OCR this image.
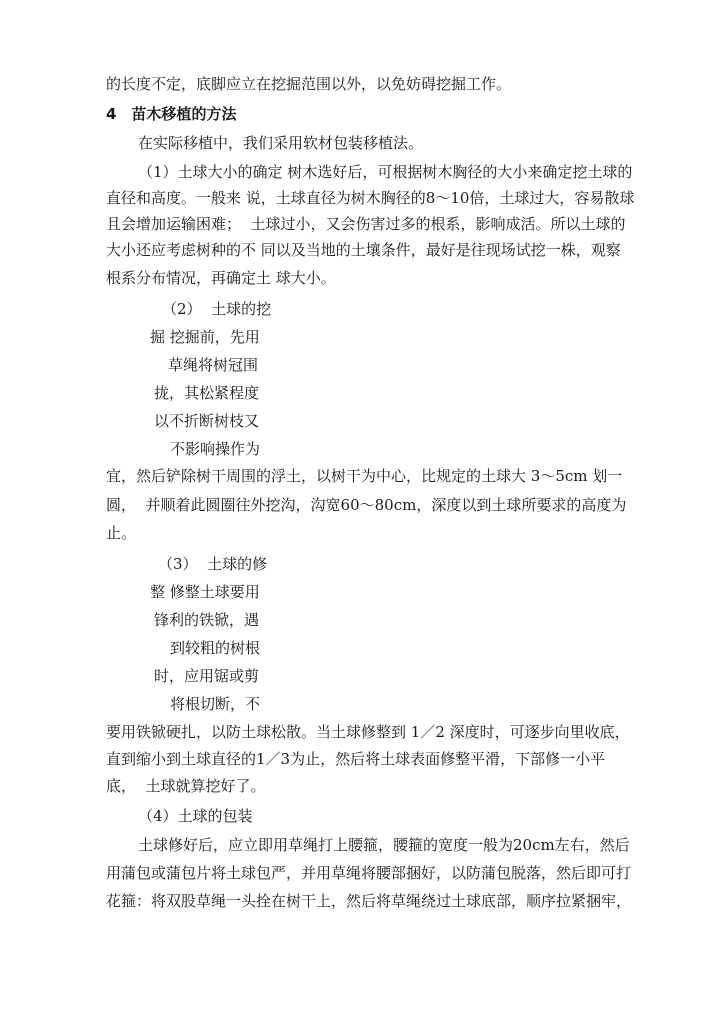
的长度不定，底脚应立在挖掘范围以外，以免妨碍挖掘工作。
4　苗木移植的方法
在实际移植中，我们采用软材包装移植法。
（1）土球大小的确定 树木选好后，可根据树木胸径的大小来确定挖土球的
直径和高度。一般来 说，土球直径为树木胸径的8～10倍，土球过大，容易散球
且会增加运输困难；  土球过小，又会伤害过多的根系，影响成活。所以土球的
大小还应考虑树种的不 同以及当地的土壤条件，最好是往现场试挖一株，观察
根系分布情况，再确定土 球大小。
（2）  土球的挖
掘 挖掘前，先用
草绳将树冠围
拢，其松紧程度
以不折断树枝又
不影响操作为
宜，然后铲除树干周围的浮土，以树干为中心，比规定的土球大 3～5cm 划一
圆，  并顺着此圆圈往外挖沟，沟宽60～80cm，深度以到土球所要求的高度为
止。
（3）  土球的修
整 修整土球要用
锋利的铁锨，遇
到较粗的树根
时，应用锯或剪
将根切断，不
要用铁锨硬扎，以防土球松散。当土球修整到 1／2 深度时，可逐步向里收底，
直到缩小到土球直径的1／3为止，然后将土球表面修整平滑，下部修一小平
底，  土球就算挖好了。
（4）土球的包装
土球修好后，应立即用草绳打上腰箍，腰箍的宽度一般为20cm左右，然后
用蒲包或蒲包片将土球包严，并用草绳将腰部捆好，以防蒲包脱落，然后即可打
花箍：将双股草绳一头拴在树干上，然后将草绳绕过土球底部，顺序拉紧捆牢，
